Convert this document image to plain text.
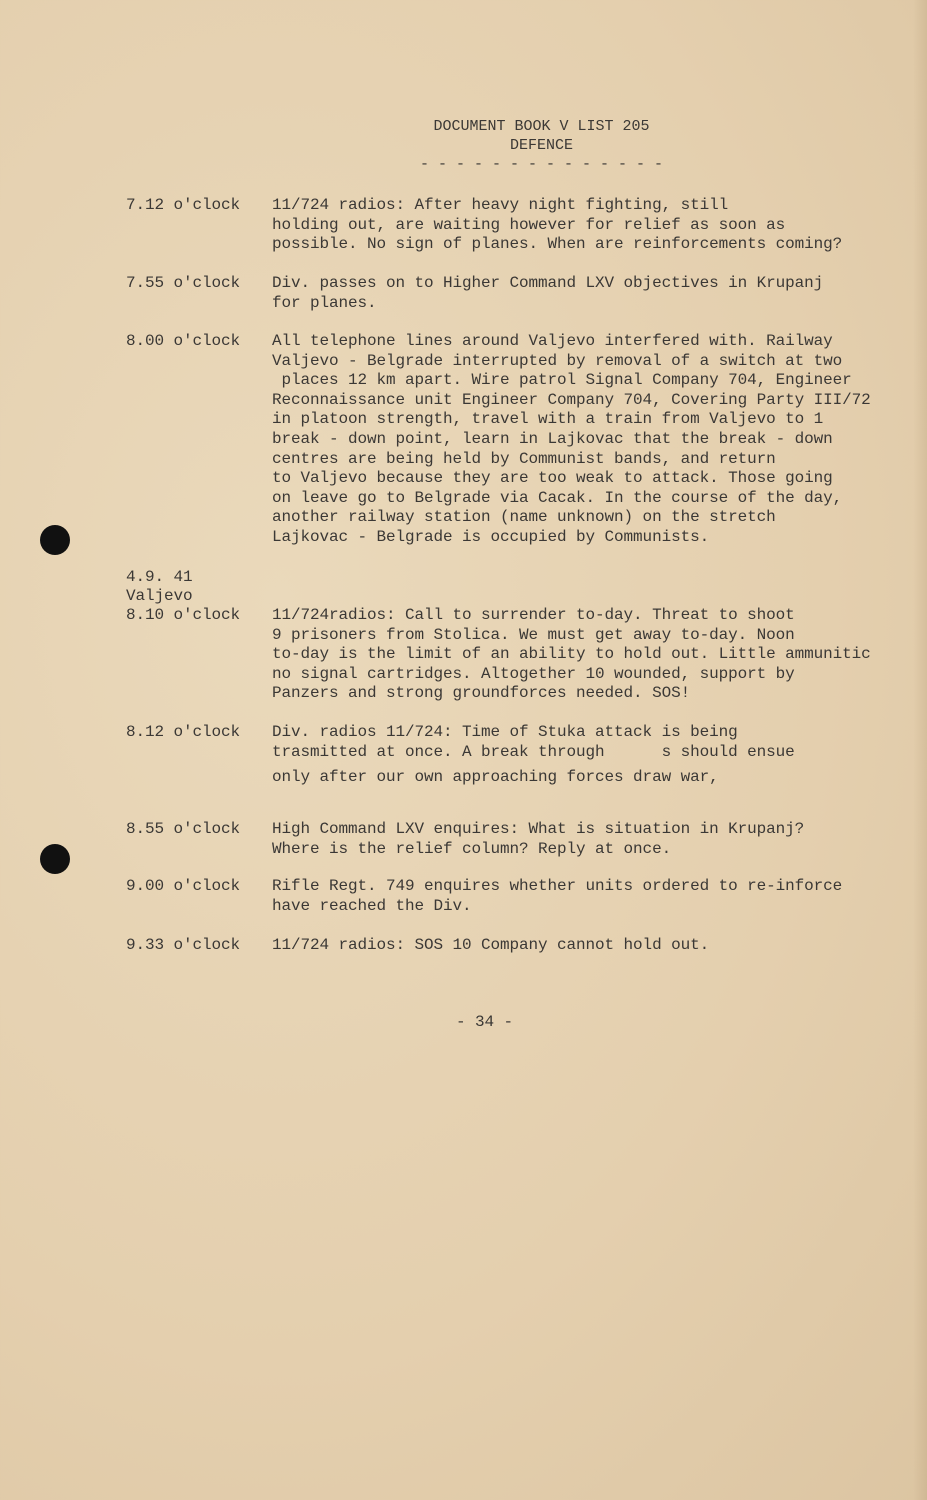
DOCUMENT BOOK V LIST 205
DEFENCE
- - - - - - - - - - - - - -
7.12 o'clock 11/724 radios: After heavy night fighting, still
holding out, are waiting however for relief as soon as
possible. No sign of planes. When are reinforcements coming?
7.55 o'clock Div. passes on to Higher Command LXV objectives in Krupanj
for planes.
8.00 o'clock All telephone lines around Valjevo interfered with. Railway
Valjevo - Belgrade interrupted by removal of a switch at two
places 12 km apart. Wire patrol Signal Company 704, Engineer
Reconnaissance unit Engineer Company 704, Covering Party III/72
in platoon strength, travel with a train from Valjevo to 1
break - down point, learn in Lajkovac that the break - down
centres are being held by Communist bands, and return
to Valjevo because they are too weak to attack. Those going
on leave go to Belgrade via Cacak. In the course of the day,
another railway station (name unknown) on the stretch
Lajkovac - Belgrade is occupied by Communists.
4.9. 41
Valjevo
8.10 o'clock 11/724radios: Call to surrender to-day. Threat to shoot
9 prisoners from Stolica. We must get away to-day. Noon
to-day is the limit of an ability to hold out. Little ammunitic
no signal cartridges. Altogether 10 wounded, support by
Panzers and strong groundforces needed. SOS!
8.12 o'clock Div. radios 11/724: Time of Stuka attack is being
trasmitted at once. A break through      s should ensue
only after our own approaching forces draw war,
8.55 o'clock High Command LXV enquires: What is situation in Krupanj?
Where is the relief column? Reply at once.
9.00 o'clock Rifle Regt. 749 enquires whether units ordered to re-inforce
have reached the Div.
9.33 o'clock 11/724 radios: SOS 10 Company cannot hold out.
- 34 -
